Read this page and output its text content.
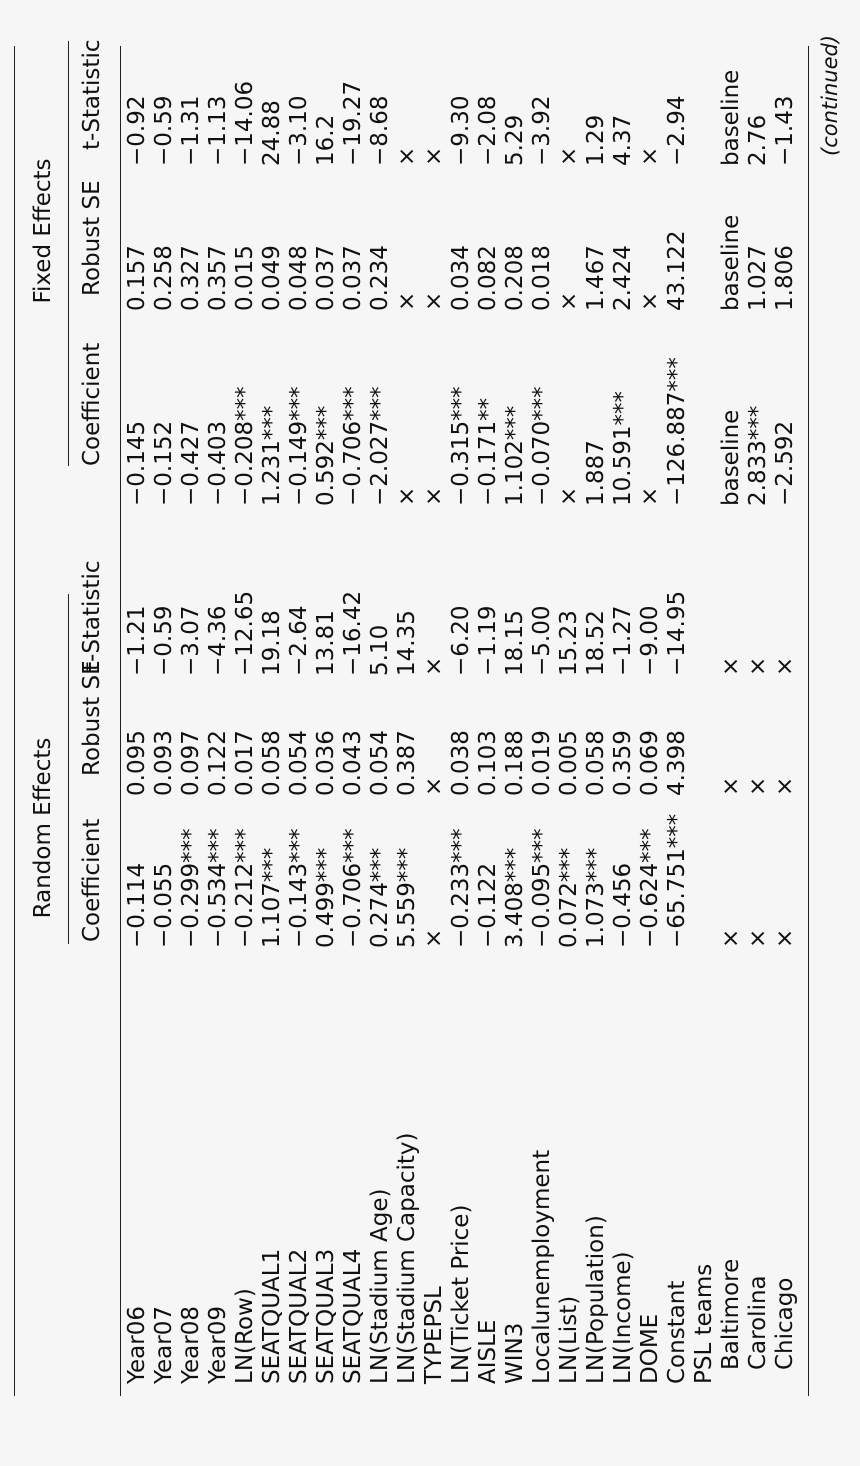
Random Effects
Fixed Effects
Coefficient
Robust SE
t-Statistic
Coefficient
Robust SE
t-Statistic
Year06
−0.114
0.095
−1.21
−0.145
0.157
−0.92
Year07
−0.055
0.093
−0.59
−0.152
0.258
−0.59
Year08
−0.299***
0.097
−3.07
−0.427
0.327
−1.31
Year09
−0.534***
0.122
−4.36
−0.403
0.357
−1.13
LN(Row)
−0.212***
0.017
−12.65
−0.208***
0.015
−14.06
SEATQUAL1
1.107***
0.058
19.18
1.231***
0.049
24.88
SEATQUAL2
−0.143***
0.054
−2.64
−0.149***
0.048
−3.10
SEATQUAL3
0.499***
0.036
13.81
0.592***
0.037
16.2
SEATQUAL4
−0.706***
0.043
−16.42
−0.706***
0.037
−19.27
LN(Stadium Age)
0.274***
0.054
5.10
−2.027***
0.234
−8.68
LN(Stadium Capacity)
5.559***
0.387
14.35
×
×
×
TYPEPSL
×
×
×
×
×
×
LN(Ticket Price)
−0.233***
0.038
−6.20
−0.315***
0.034
−9.30
AISLE
−0.122
0.103
−1.19
−0.171**
0.082
−2.08
WIN3
3.408***
0.188
18.15
1.102***
0.208
5.29
Localunemployment
−0.095***
0.019
−5.00
−0.070***
0.018
−3.92
LN(List)
0.072***
0.005
15.23
×
×
×
LN(Population)
1.073***
0.058
18.52
1.887
1.467
1.29
LN(Income)
−0.456
0.359
−1.27
10.591***
2.424
4.37
DOME
−0.624***
0.069
−9.00
×
×
×
Constant
−65.751***
4.398
−14.95
−126.887***
43.122
−2.94
PSL teams Baltimore
×
×
×
baseline
baseline
baseline
Carolina
×
×
×
2.833***
1.027
2.76
Chicago
×
×
×
−2.592
1.806
−1.43 (continued)
